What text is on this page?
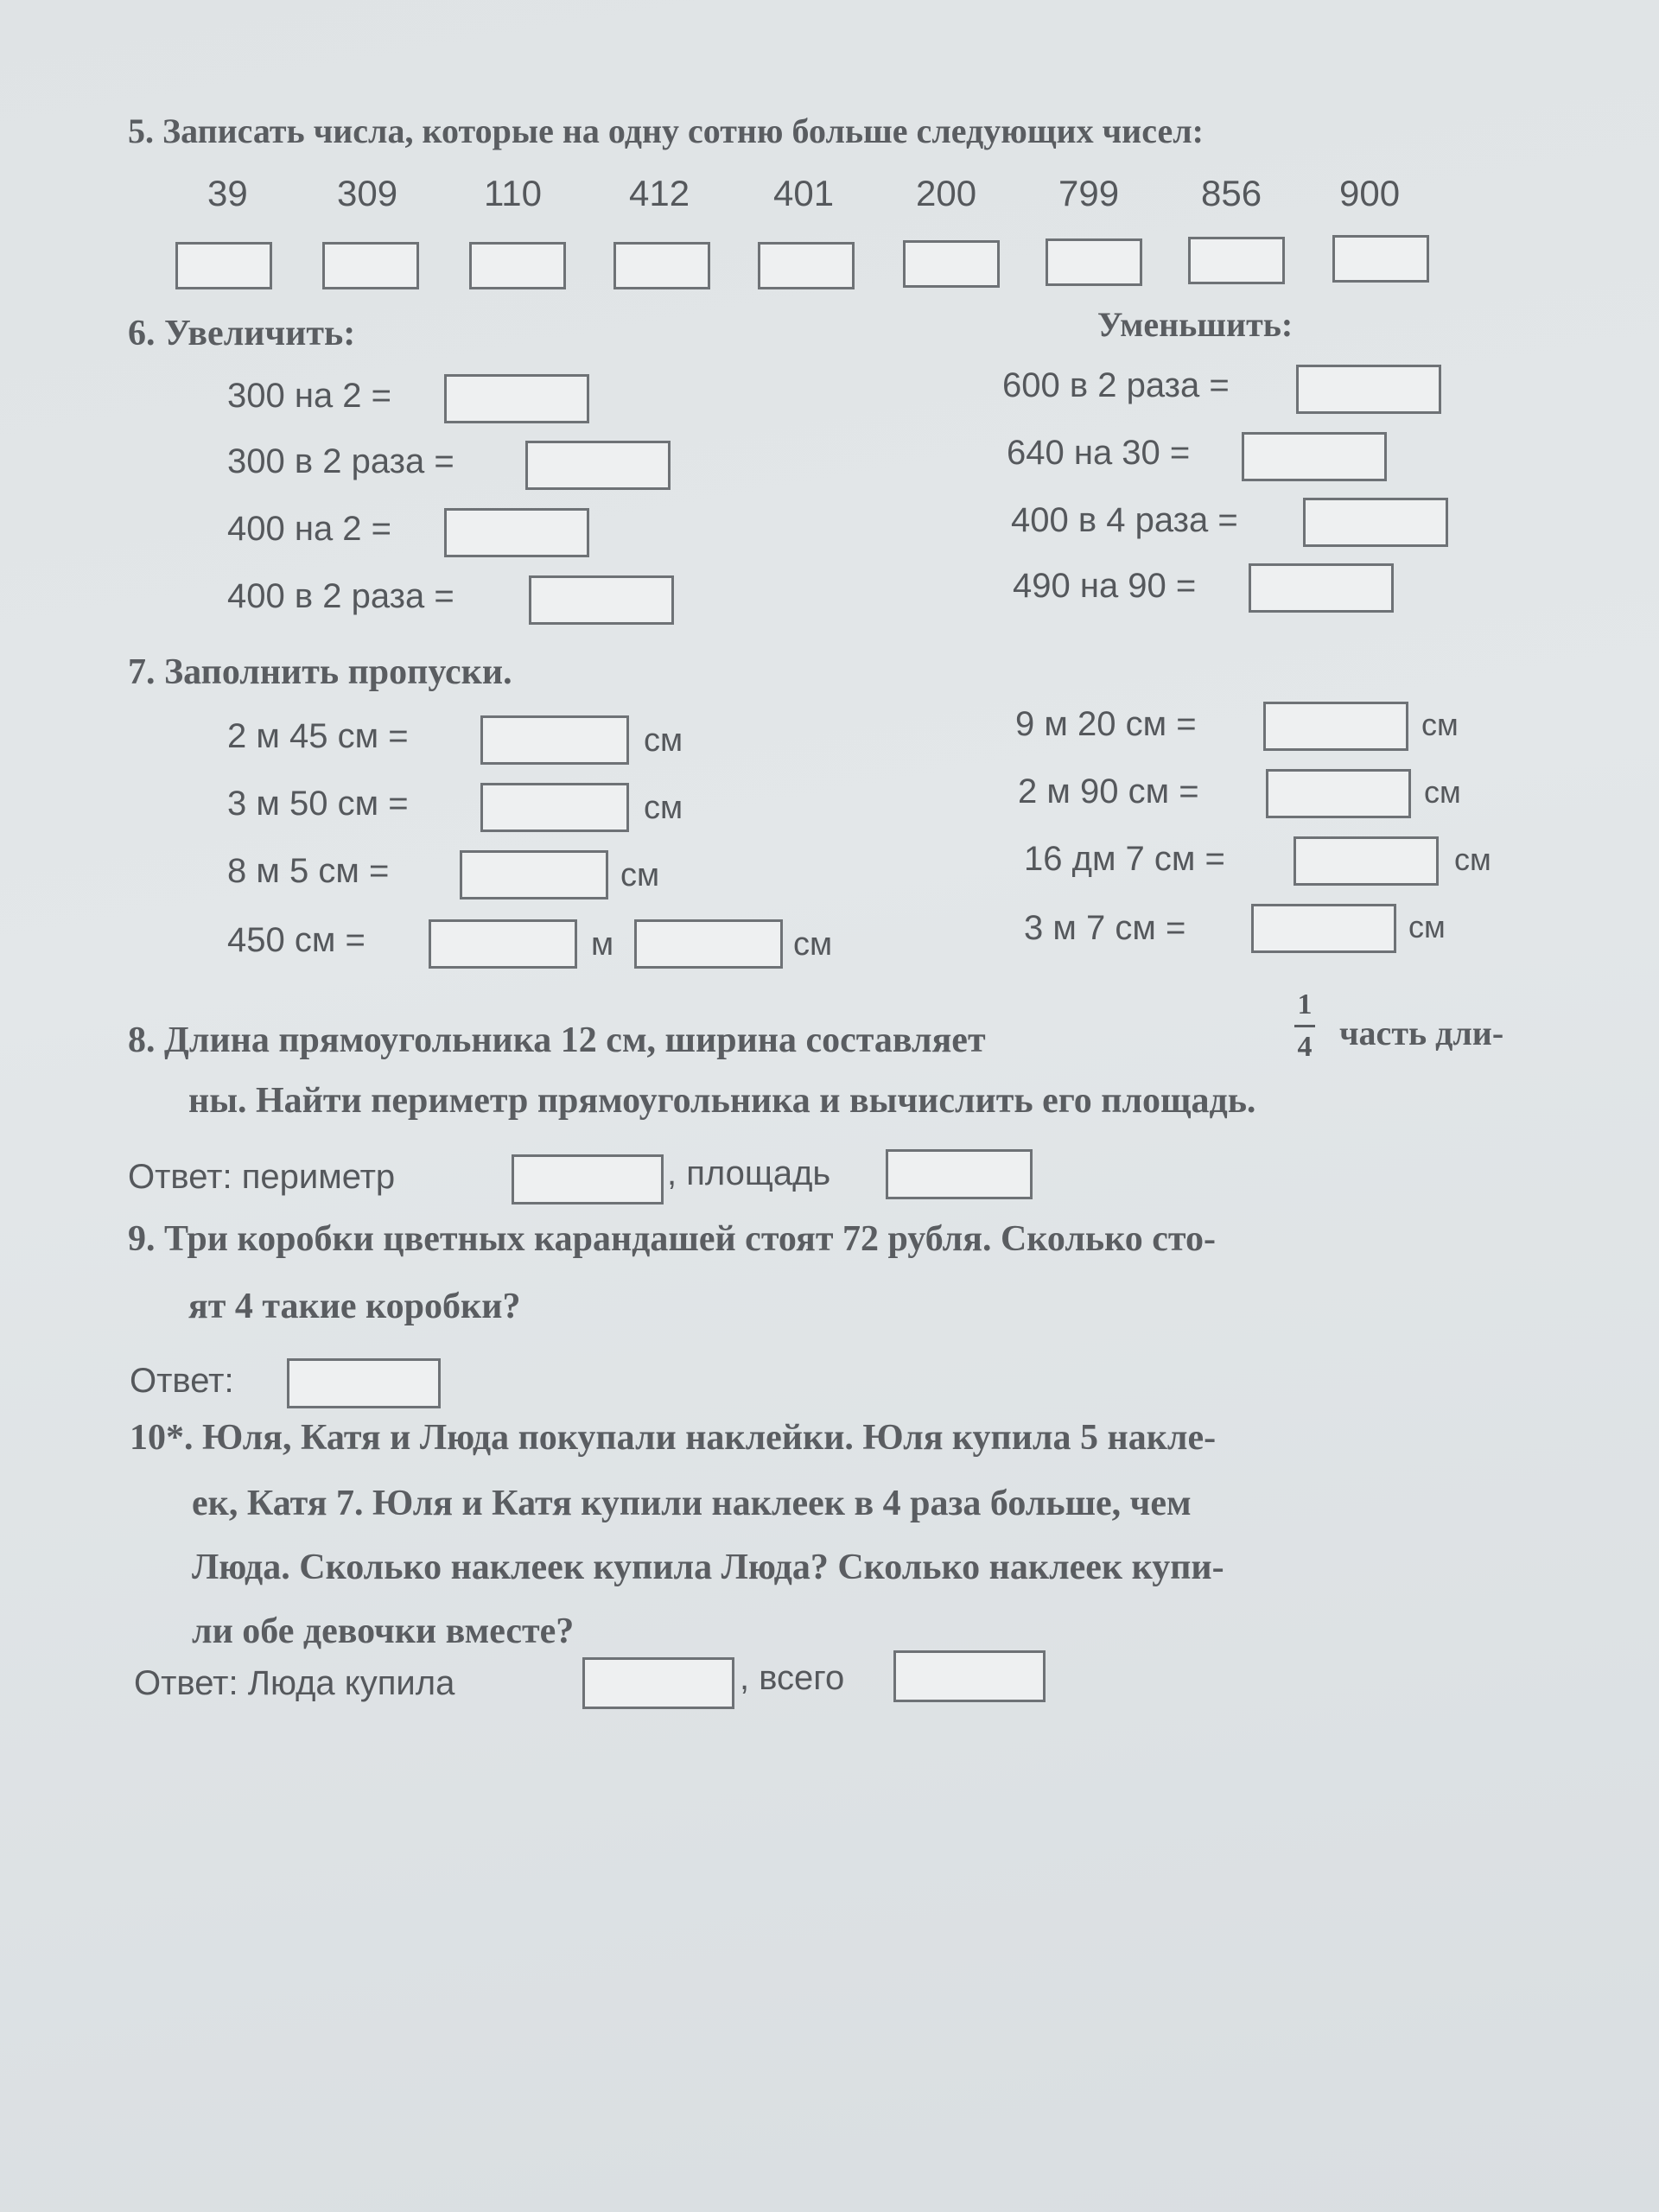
5. Записать числа, которые на одну сотню больше следующих чисел:
39 309 110 412 401 200 799 856 900
6. Увеличить:	Уменьшить:
300 на 2 =
300 в 2 раза =
400 на 2 =
400 в 2 раза =
600 в 2 раза =
640 на 30 =
400 в 4 раза =
490 на 90 =
7. Заполнить пропуски.
2 м 45 см =	см
3 м 50 см =	см
8 м 5 см =	см
450 см =	м	см
9 м 20 см =	см
2 м 90 см =	см
16 дм 7 см =	см
3 м 7 см =	см
8. Длина прямоугольника 12 см, ширина составляет
1
4 часть дли-
ны. Найти периметр прямоугольника и вычислить его площадь.
Ответ: периметр	, площадь
9. Три коробки цветных карандашей стоят 72 рубля. Сколько сто-
ят 4 такие коробки?
Ответ:
10*. Юля, Катя и Люда покупали наклейки. Юля купила 5 накле-
ек, Катя 7. Юля и Катя купили наклеек в 4 раза больше, чем
Люда. Сколько наклеек купила Люда? Сколько наклеек купи-
ли обе девочки вместе?
Ответ: Люда купила	, всего
